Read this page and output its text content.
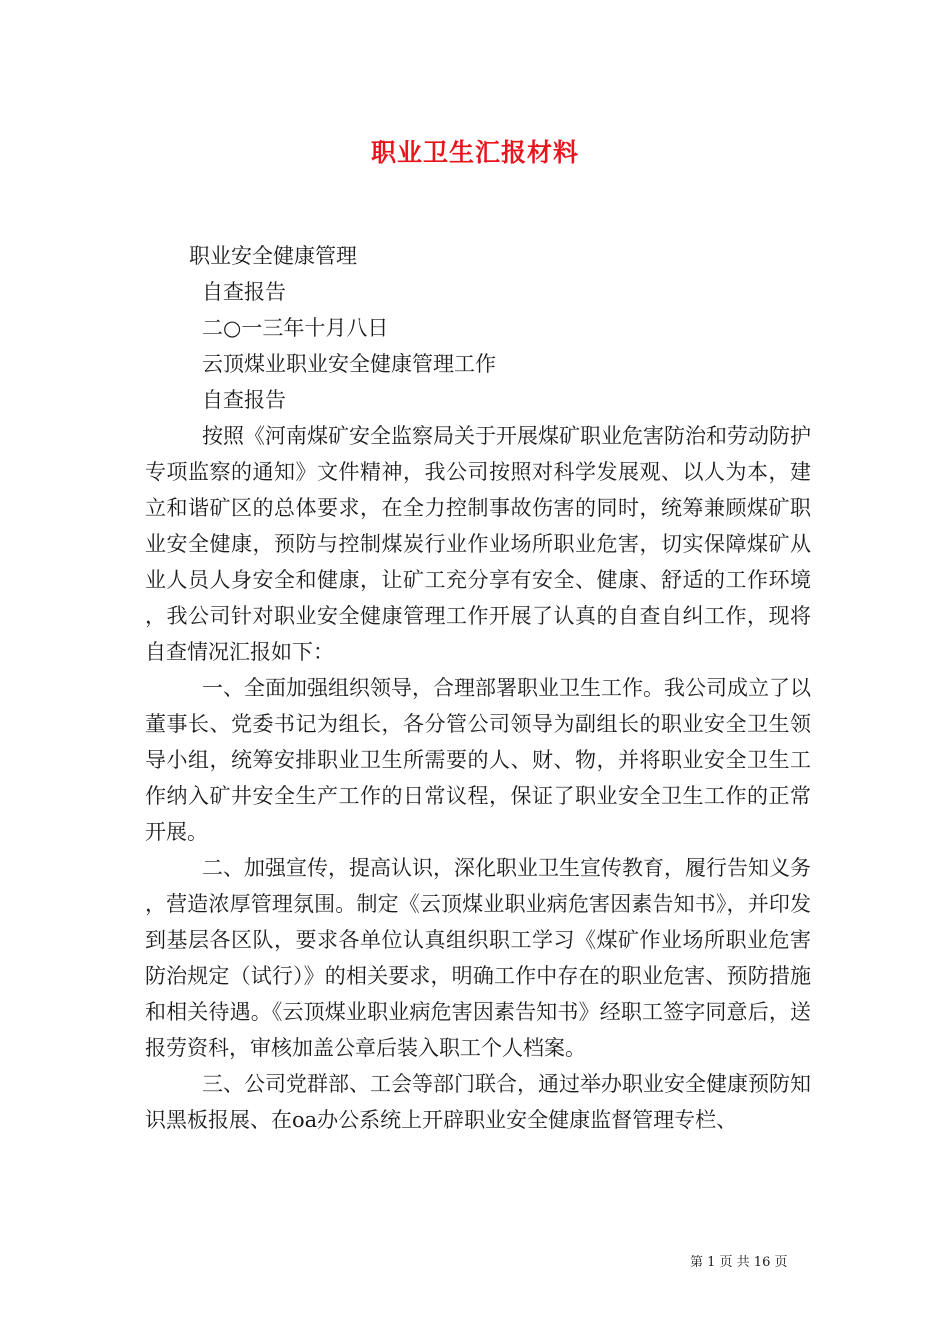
职业卫生汇报材料
职业安全健康管理
自查报告
二○一三年十月八日
云顶煤业职业安全健康管理工作
自查报告

按照《河南煤矿安全监察局关于开展煤矿职业危害防治和劳动防护专项监察的通知》文件精神，我公司按照对科学发展观、以人为本，建立和谐矿区的总体要求，在全力控制事故伤害的同时，统筹兼顾煤矿职业安全健康，预防与控制煤炭行业作业场所职业危害，切实保障煤矿从业人员人身安全和健康，让矿工充分享有安全、健康、舒适的工作环境，我公司针对职业安全健康管理工作开展了认真的自查自纠工作，现将自查情况汇报如下：

一、全面加强组织领导，合理部署职业卫生工作。我公司成立了以董事长、党委书记为组长，各分管公司领导为副组长的职业安全卫生领导小组，统筹安排职业卫生所需要的人、财、物，并将职业安全卫生工作纳入矿井安全生产工作的日常议程，保证了职业安全卫生工作的正常开展。

二、加强宣传，提高认识，深化职业卫生宣传教育，履行告知义务，营造浓厚管理氛围。制定《云顶煤业职业病危害因素告知书》，并印发到基层各区队，要求各单位认真组织职工学习《煤矿作业场所职业危害防治规定（试行）》的相关要求，明确工作中存在的职业危害、预防措施和相关待遇。《云顶煤业职业病危害因素告知书》经职工签字同意后，送报劳资科，审核加盖公章后装入职工个人档案。

三、公司党群部、工会等部门联合，通过举办职业安全健康预防知识黑板报展、在oa办公系统上开辟职业安全健康监督管理专栏、

第 1 页 共 16 页
